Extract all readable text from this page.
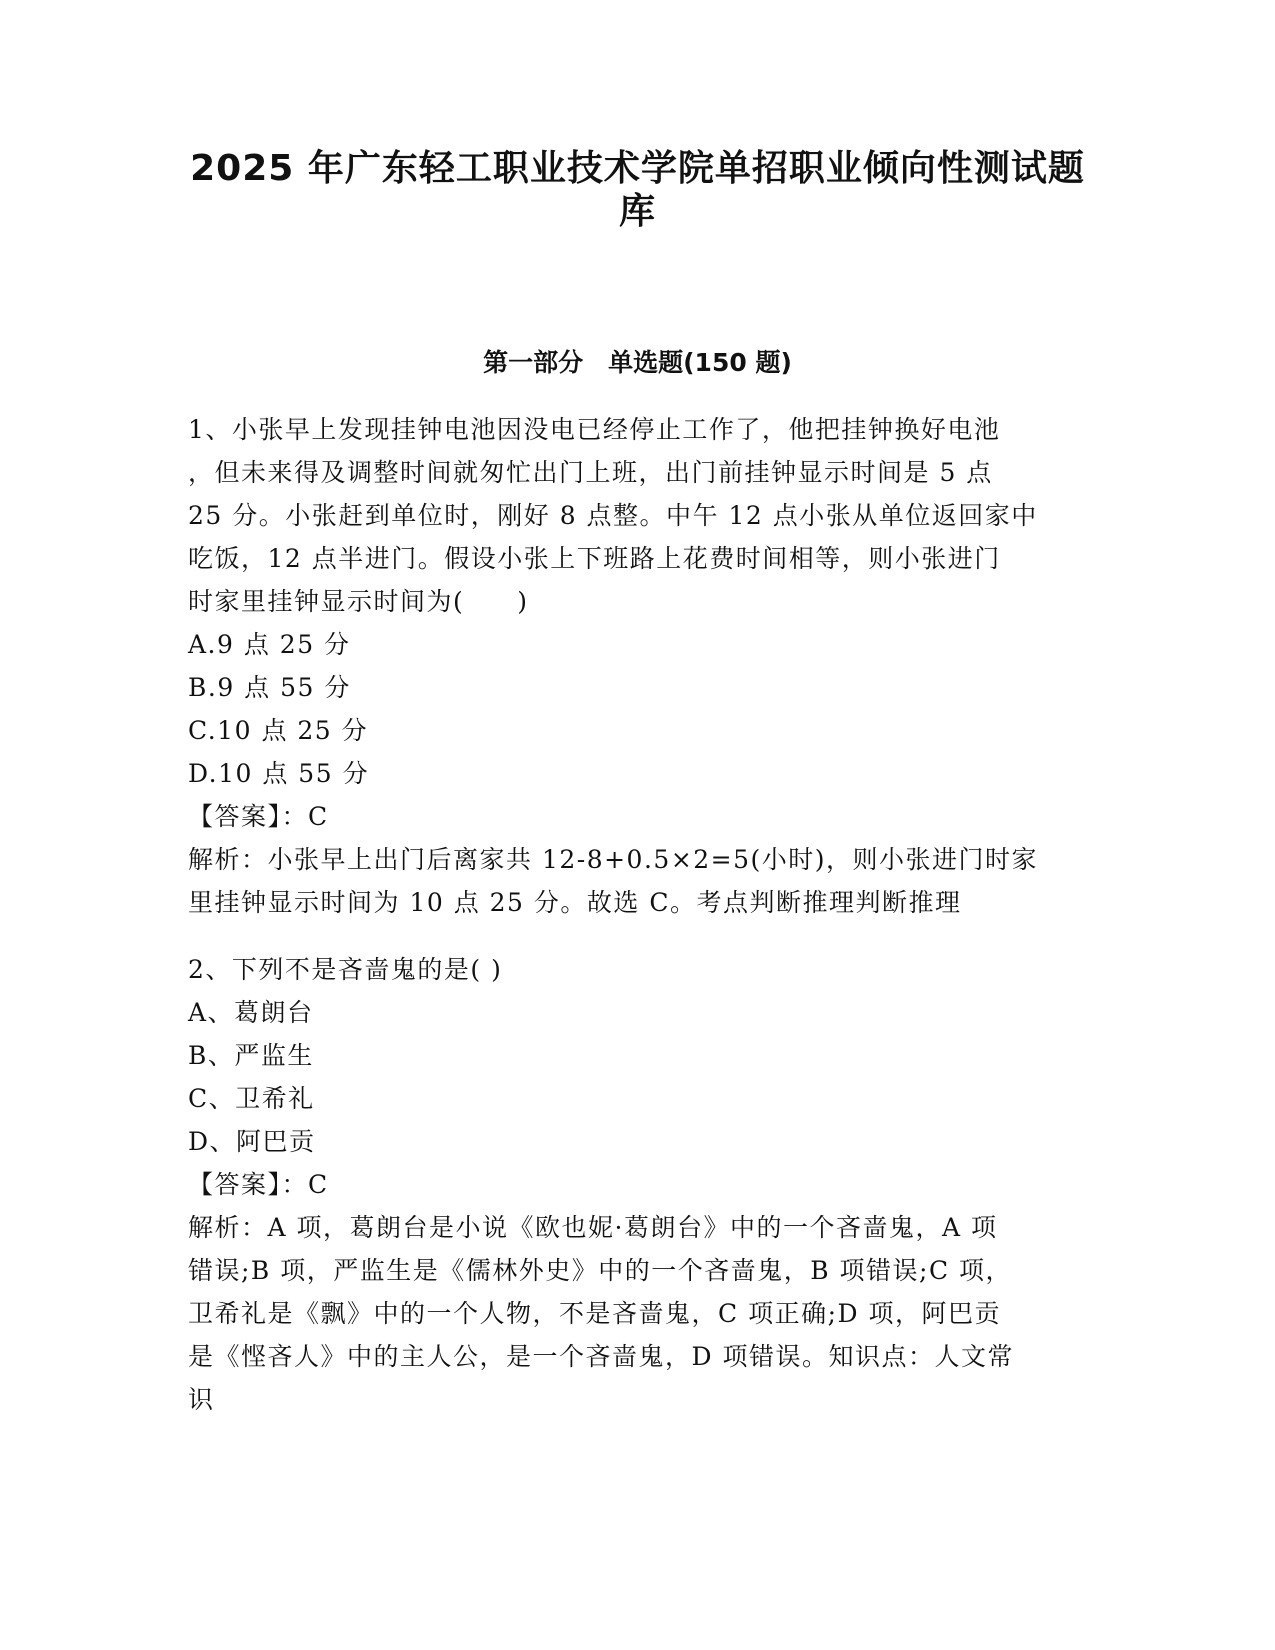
2025 年广东轻工职业技术学院单招职业倾向性测试题
库
第一部分　单选题(150 题)
1、小张早上发现挂钟电池因没电已经停止工作了，他把挂钟换好电池
，但未来得及调整时间就匆忙出门上班，出门前挂钟显示时间是 5 点
25 分。小张赶到单位时，刚好 8 点整。中午 12 点小张从单位返回家中
吃饭，12 点半进门。假设小张上下班路上花费时间相等，则小张进门
时家里挂钟显示时间为(　　)
A.9 点 25 分
B.9 点 55 分
C.10 点 25 分
D.10 点 55 分
【答案】：C
解析：小张早上出门后离家共 12-8+0.5×2=5(小时)，则小张进门时家
里挂钟显示时间为 10 点 25 分。故选 C。考点判断推理判断推理
2、下列不是吝啬鬼的是( )
A、葛朗台
B、严监生
C、卫希礼
D、阿巴贡
【答案】：C
解析：A 项，葛朗台是小说《欧也妮·葛朗台》中的一个吝啬鬼，A 项
错误;B 项，严监生是《儒林外史》中的一个吝啬鬼，B 项错误;C 项，
卫希礼是《飘》中的一个人物，不是吝啬鬼，C 项正确;D 项，阿巴贡
是《悭吝人》中的主人公，是一个吝啬鬼，D 项错误。知识点：人文常
识
